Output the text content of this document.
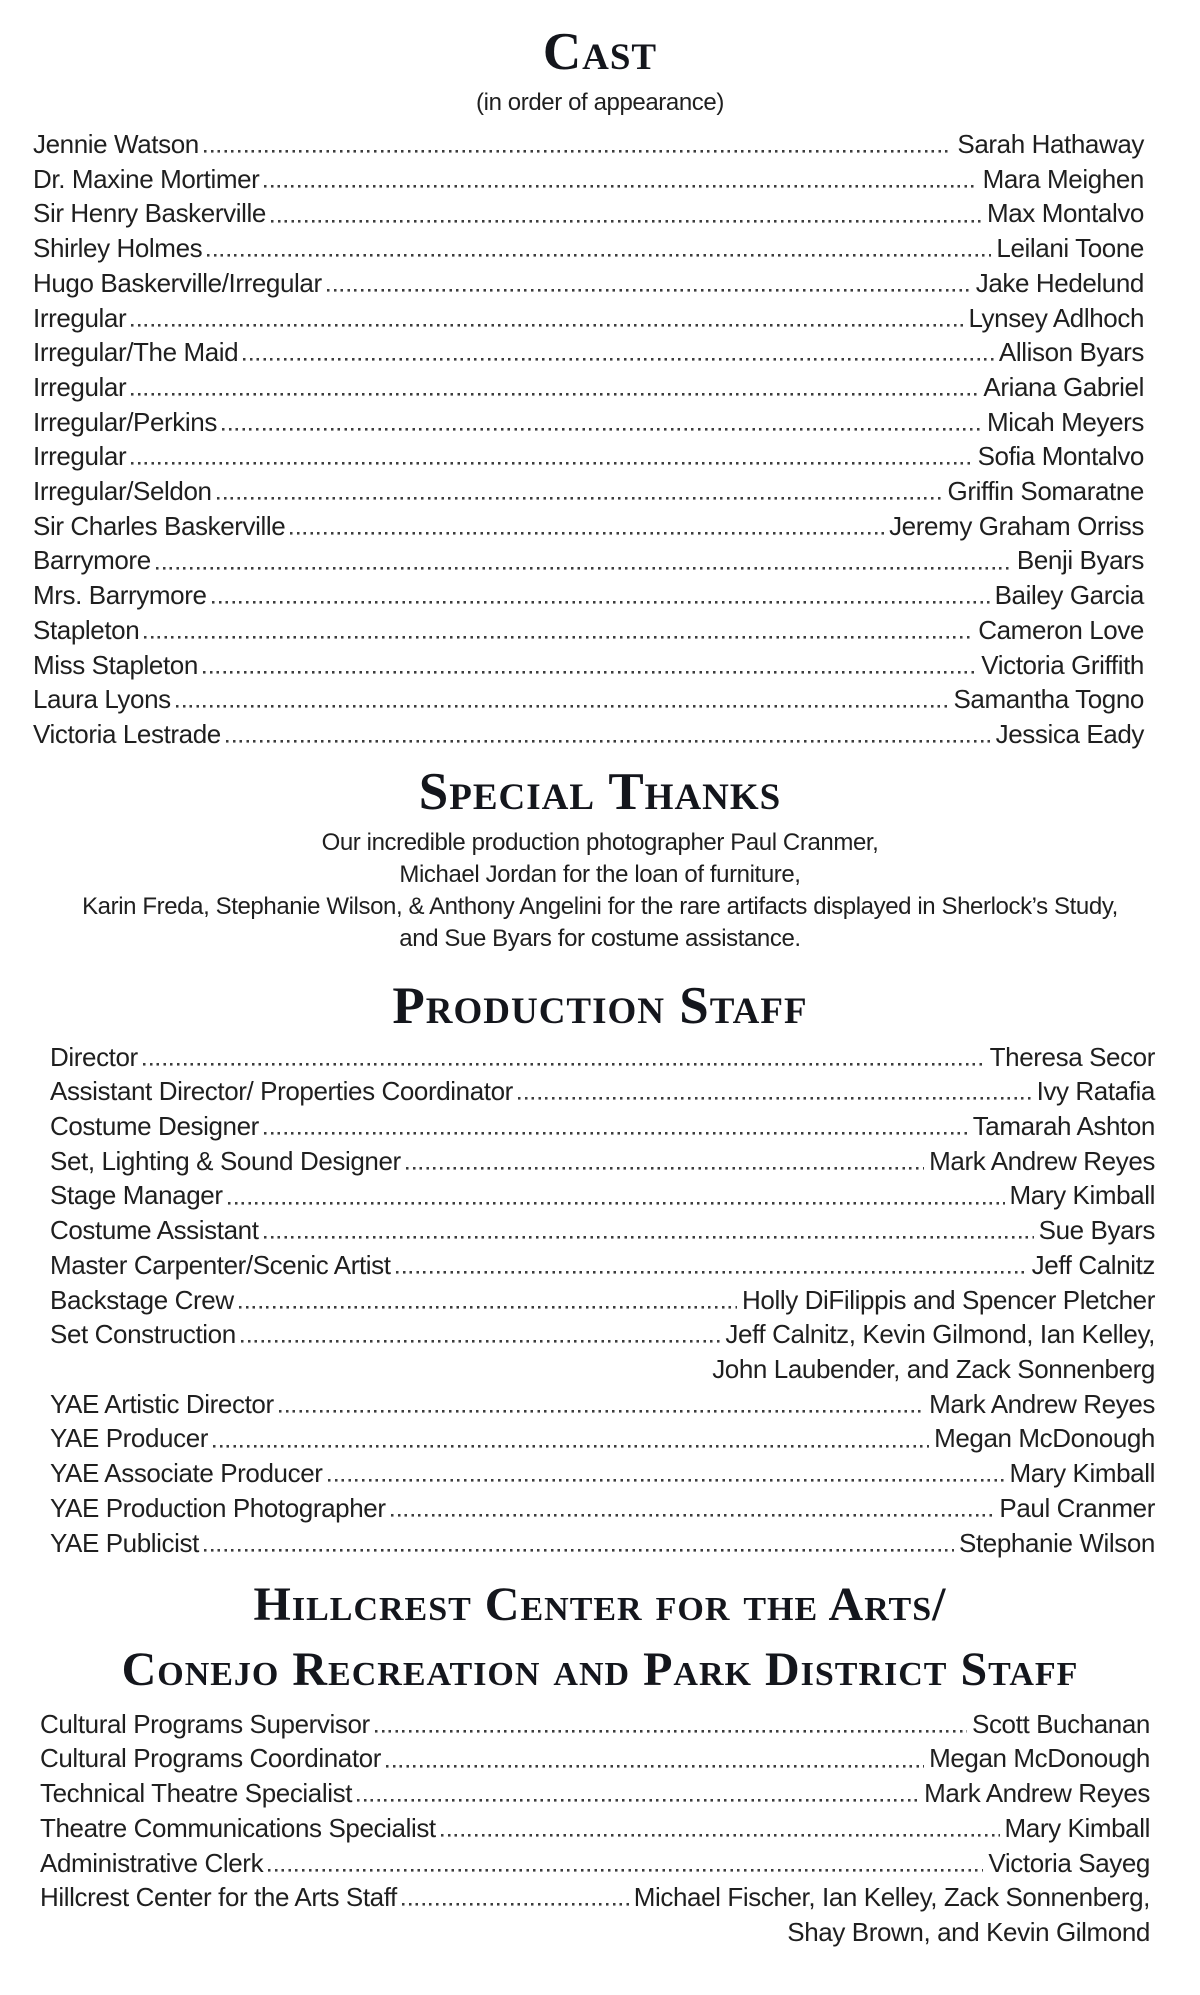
Cast
(in order of appearance)
Jennie Watson	Sarah Hathaway
Dr. Maxine Mortimer	Mara Meighen
Sir Henry Baskerville	Max Montalvo
Shirley Holmes	Leilani Toone
Hugo Baskerville/Irregular	Jake Hedelund
Irregular	Lynsey Adlhoch
Irregular/The Maid	Allison Byars
Irregular	Ariana Gabriel
Irregular/Perkins	Micah Meyers
Irregular	Sofia Montalvo
Irregular/Seldon	Griffin Somaratne
Sir Charles Baskerville	Jeremy Graham Orriss
Barrymore	Benji Byars
Mrs. Barrymore	Bailey Garcia
Stapleton	Cameron Love
Miss Stapleton	Victoria Griffith
Laura Lyons	Samantha Togno
Victoria Lestrade	Jessica Eady
Special Thanks
Our incredible production photographer Paul Cranmer,
Michael Jordan for the loan of furniture,
Karin Freda, Stephanie Wilson, & Anthony Angelini for the rare artifacts displayed in Sherlock’s Study,
and Sue Byars for costume assistance.
Production Staff
Director	Theresa Secor
Assistant Director/ Properties Coordinator	Ivy Ratafia
Costume Designer	Tamarah Ashton
Set, Lighting & Sound Designer	Mark Andrew Reyes
Stage Manager	Mary Kimball
Costume Assistant	Sue Byars
Master Carpenter/Scenic Artist	Jeff Calnitz
Backstage Crew	Holly DiFilippis and Spencer Pletcher
Set Construction	Jeff Calnitz, Kevin Gilmond, Ian Kelley,
John Laubender, and Zack Sonnenberg
YAE Artistic Director	Mark Andrew Reyes
YAE Producer	Megan McDonough
YAE Associate Producer	Mary Kimball
YAE Production Photographer	Paul Cranmer
YAE Publicist	Stephanie Wilson
Hillcrest Center for the Arts/
Conejo Recreation and Park District Staff
Cultural Programs Supervisor	Scott Buchanan
Cultural Programs Coordinator	Megan McDonough
Technical Theatre Specialist	Mark Andrew Reyes
Theatre Communications Specialist	Mary Kimball
Administrative Clerk	Victoria Sayeg
Hillcrest Center for the Arts Staff	Michael Fischer, Ian Kelley, Zack Sonnenberg,
Shay Brown, and Kevin Gilmond
